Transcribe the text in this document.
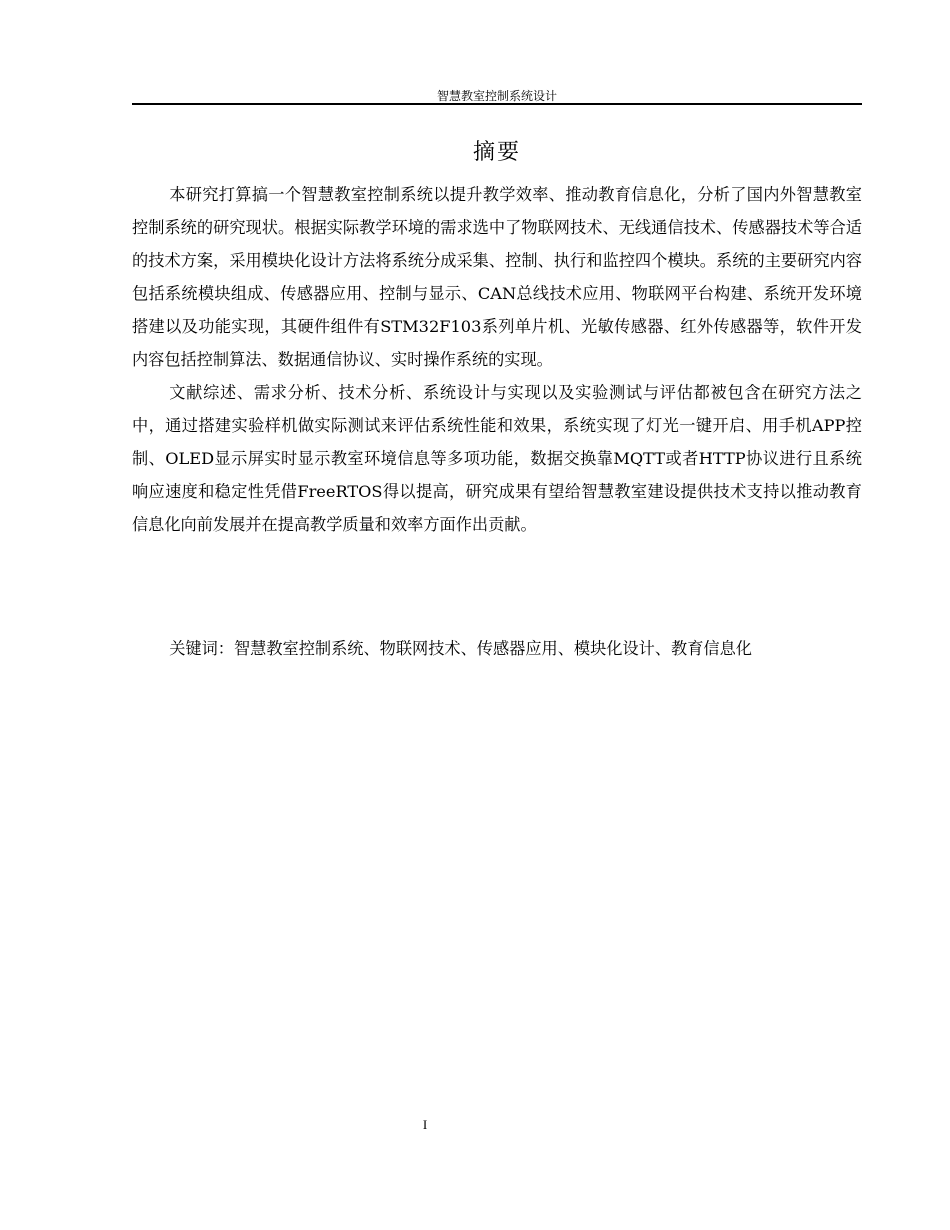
智慧教室控制系统设计
摘要

本研究打算搞一个智慧教室控制系统以提升教学效率、推动教育信息化，分析了国内外智慧教室控制系统的研究现状。根据实际教学环境的需求选中了物联网技术、无线通信技术、传感器技术等合适的技术方案，采用模块化设计方法将系统分成采集、控制、执行和监控四个模块。系统的主要研究内容包括系统模块组成、传感器应用、控制与显示、CAN总线技术应用、物联网平台构建、系统开发环境搭建以及功能实现，其硬件组件有STM32F103系列单片机、光敏传感器、红外传感器等，软件开发内容包括控制算法、数据通信协议、实时操作系统的实现。

文献综述、需求分析、技术分析、系统设计与实现以及实验测试与评估都被包含在研究方法之中，通过搭建实验样机做实际测试来评估系统性能和效果，系统实现了灯光一键开启、用手机APP控制、OLED显示屏实时显示教室环境信息等多项功能，数据交换靠MQTT或者HTTP协议进行且系统响应速度和稳定性凭借FreeRTOS得以提高，研究成果有望给智慧教室建设提供技术支持以推动教育信息化向前发展并在提高教学质量和效率方面作出贡献。

关键词：智慧教室控制系统、物联网技术、传感器应用、模块化设计、教育信息化
I
